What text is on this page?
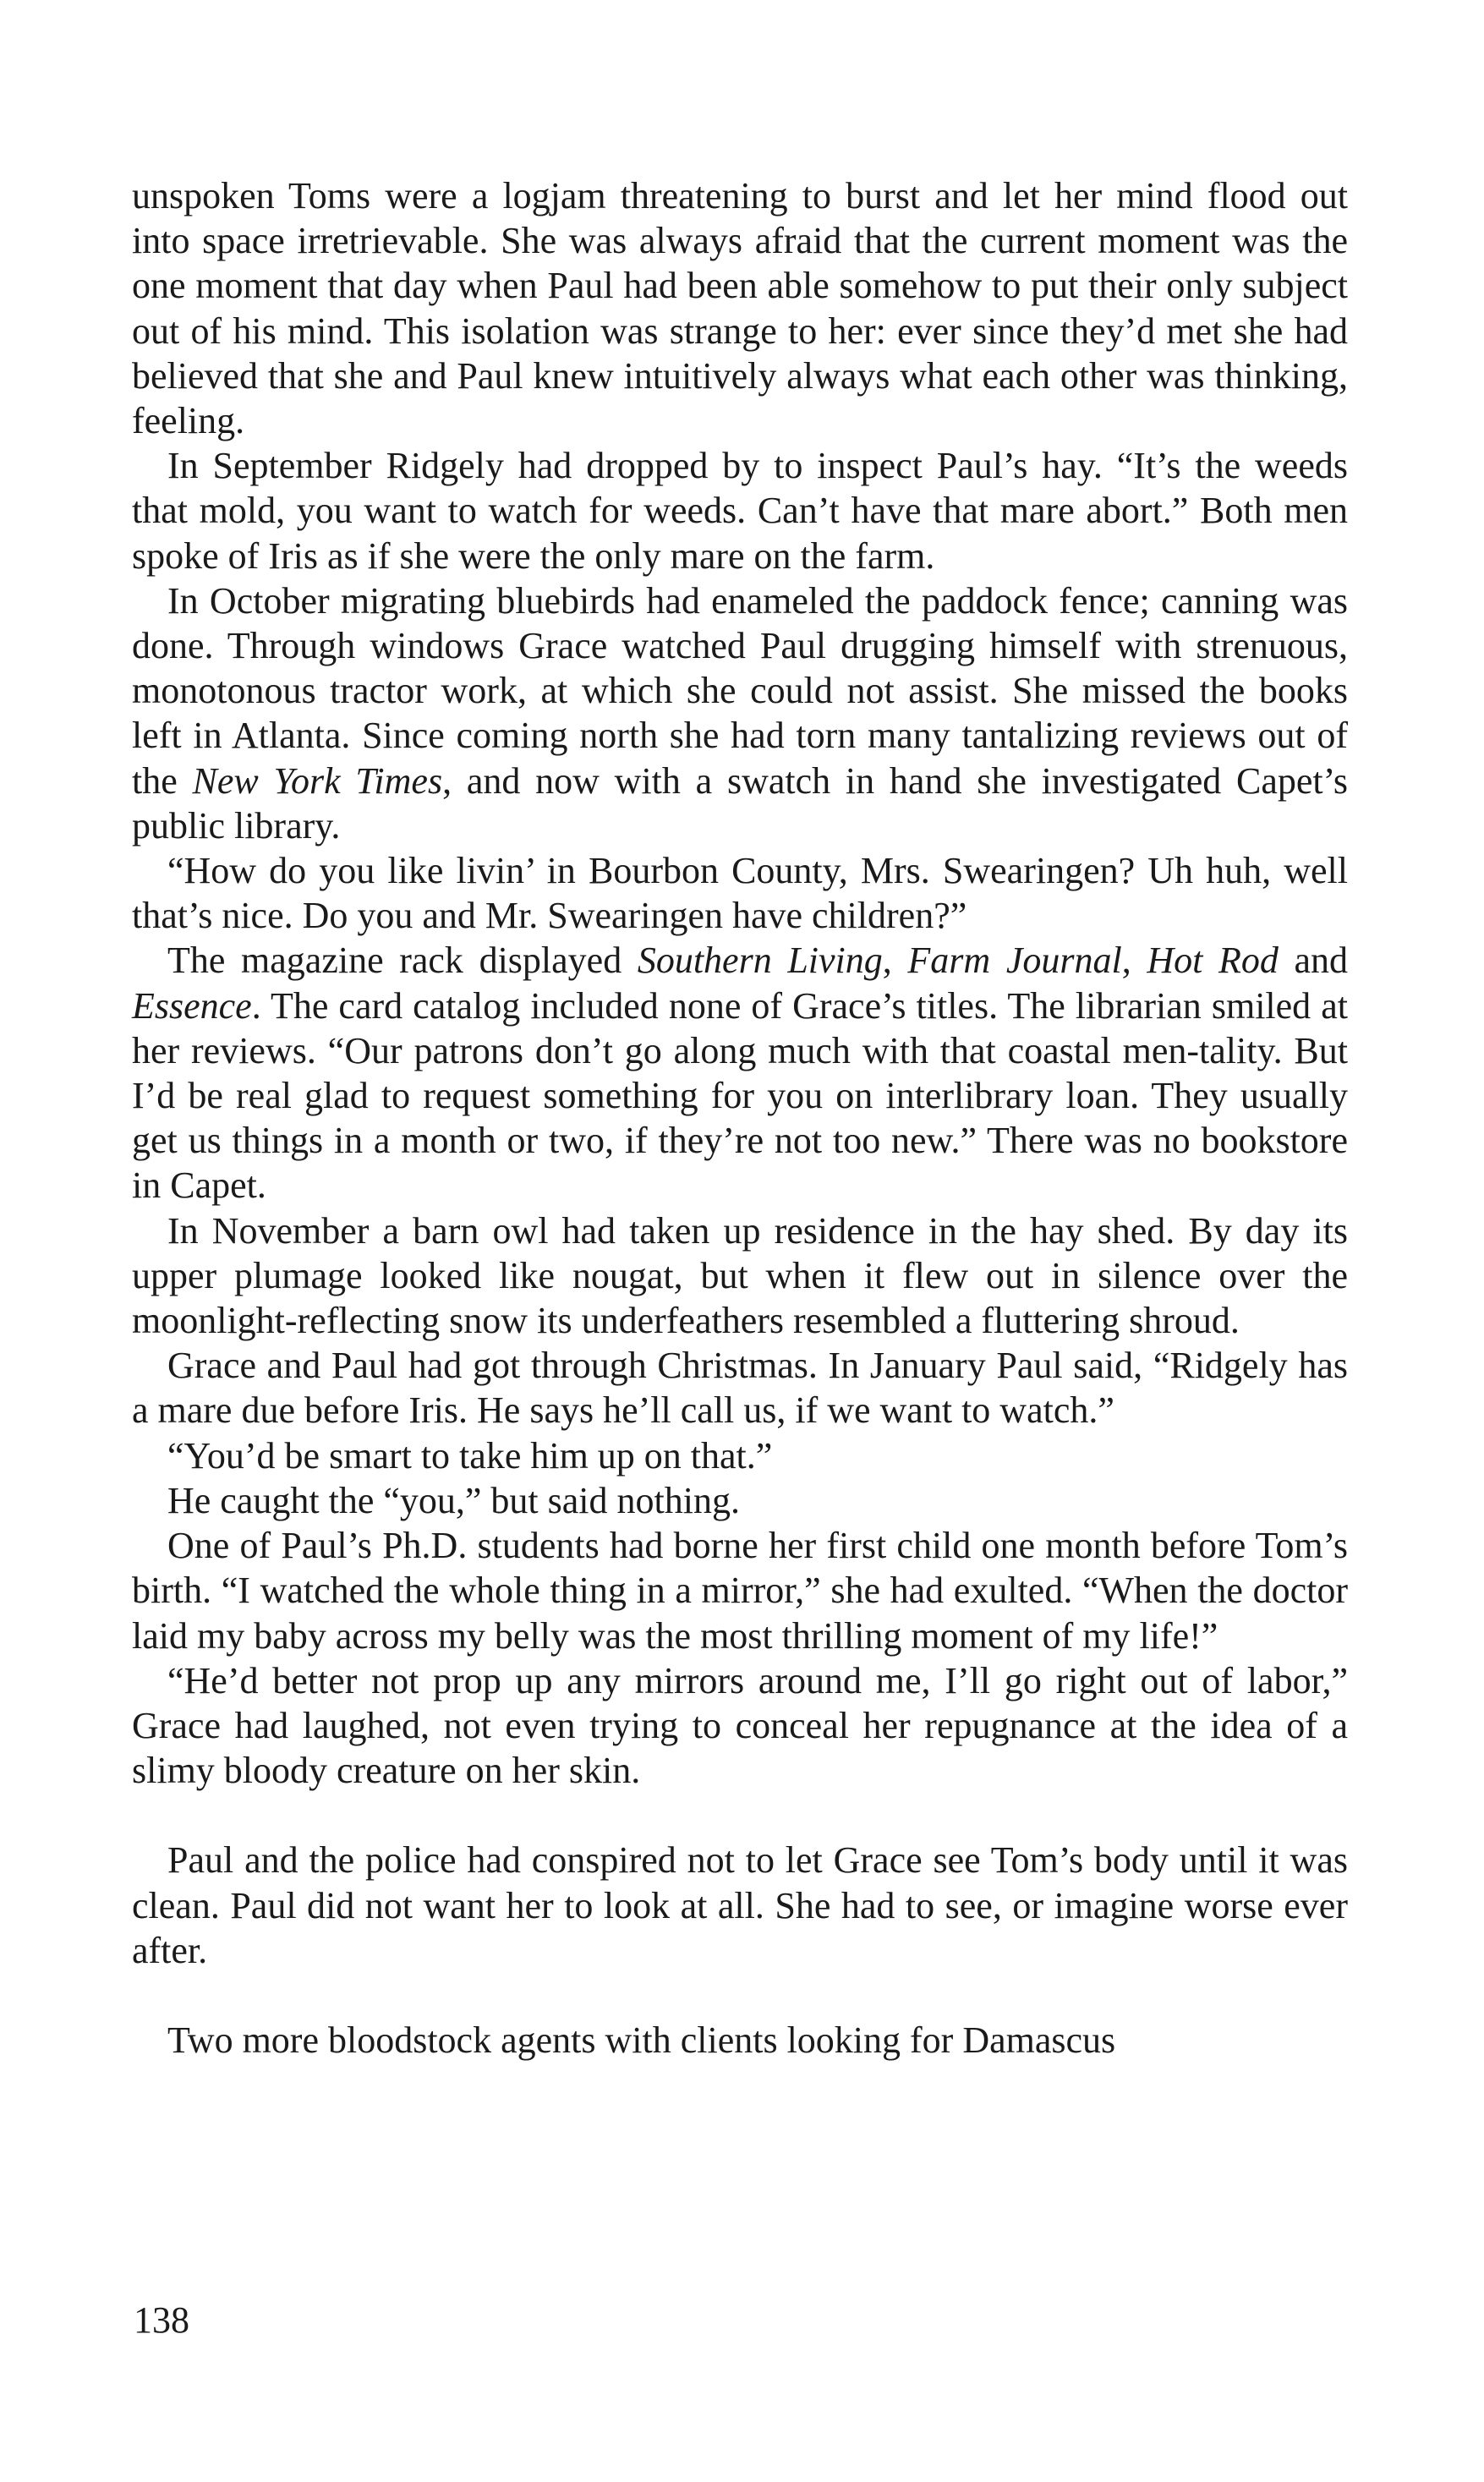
unspoken Toms were a logjam threatening to burst and let her mind flood out into space irretrievable. She was always afraid that the current moment was the one moment that day when Paul had been able somehow to put their only subject out of his mind. This isolation was strange to her: ever since they’d met she had believed that she and Paul knew intuitively always what each other was thinking, feeling.

In September Ridgely had dropped by to inspect Paul’s hay. “It’s the weeds that mold, you want to watch for weeds. Can’t have that mare abort.” Both men spoke of Iris as if she were the only mare on the farm.

In October migrating bluebirds had enameled the paddock fence; canning was done. Through windows Grace watched Paul drugging himself with strenuous, monotonous tractor work, at which she could not assist. She missed the books left in Atlanta. Since coming north she had torn many tantalizing reviews out of the New York Times, and now with a swatch in hand she investigated Capet’s public library.

“How do you like livin’ in Bourbon County, Mrs. Swearingen? Uh huh, well that’s nice. Do you and Mr. Swearingen have children?”

The magazine rack displayed Southern Living, Farm Journal, Hot Rod and Essence. The card catalog included none of Grace’s titles. The librarian smiled at her reviews. “Our patrons don’t go along much with that coastal men-tality. But I’d be real glad to request something for you on interlibrary loan. They usually get us things in a month or two, if they’re not too new.” There was no bookstore in Capet.

In November a barn owl had taken up residence in the hay shed. By day its upper plumage looked like nougat, but when it flew out in silence over the moonlight-reflecting snow its underfeathers resembled a fluttering shroud.

Grace and Paul had got through Christmas. In January Paul said, “Ridgely has a mare due before Iris. He says he’ll call us, if we want to watch.”

“You’d be smart to take him up on that.”

He caught the “you,” but said nothing.

One of Paul’s Ph.D. students had borne her first child one month before Tom’s birth. “I watched the whole thing in a mirror,” she had exulted. “When the doctor laid my baby across my belly was the most thrilling moment of my life!”

“He’d better not prop up any mirrors around me, I’ll go right out of labor,” Grace had laughed, not even trying to conceal her repugnance at the idea of a slimy bloody creature on her skin.

Paul and the police had conspired not to let Grace see Tom’s body until it was clean. Paul did not want her to look at all. She had to see, or imagine worse ever after.

Two more bloodstock agents with clients looking for Damascus

138
